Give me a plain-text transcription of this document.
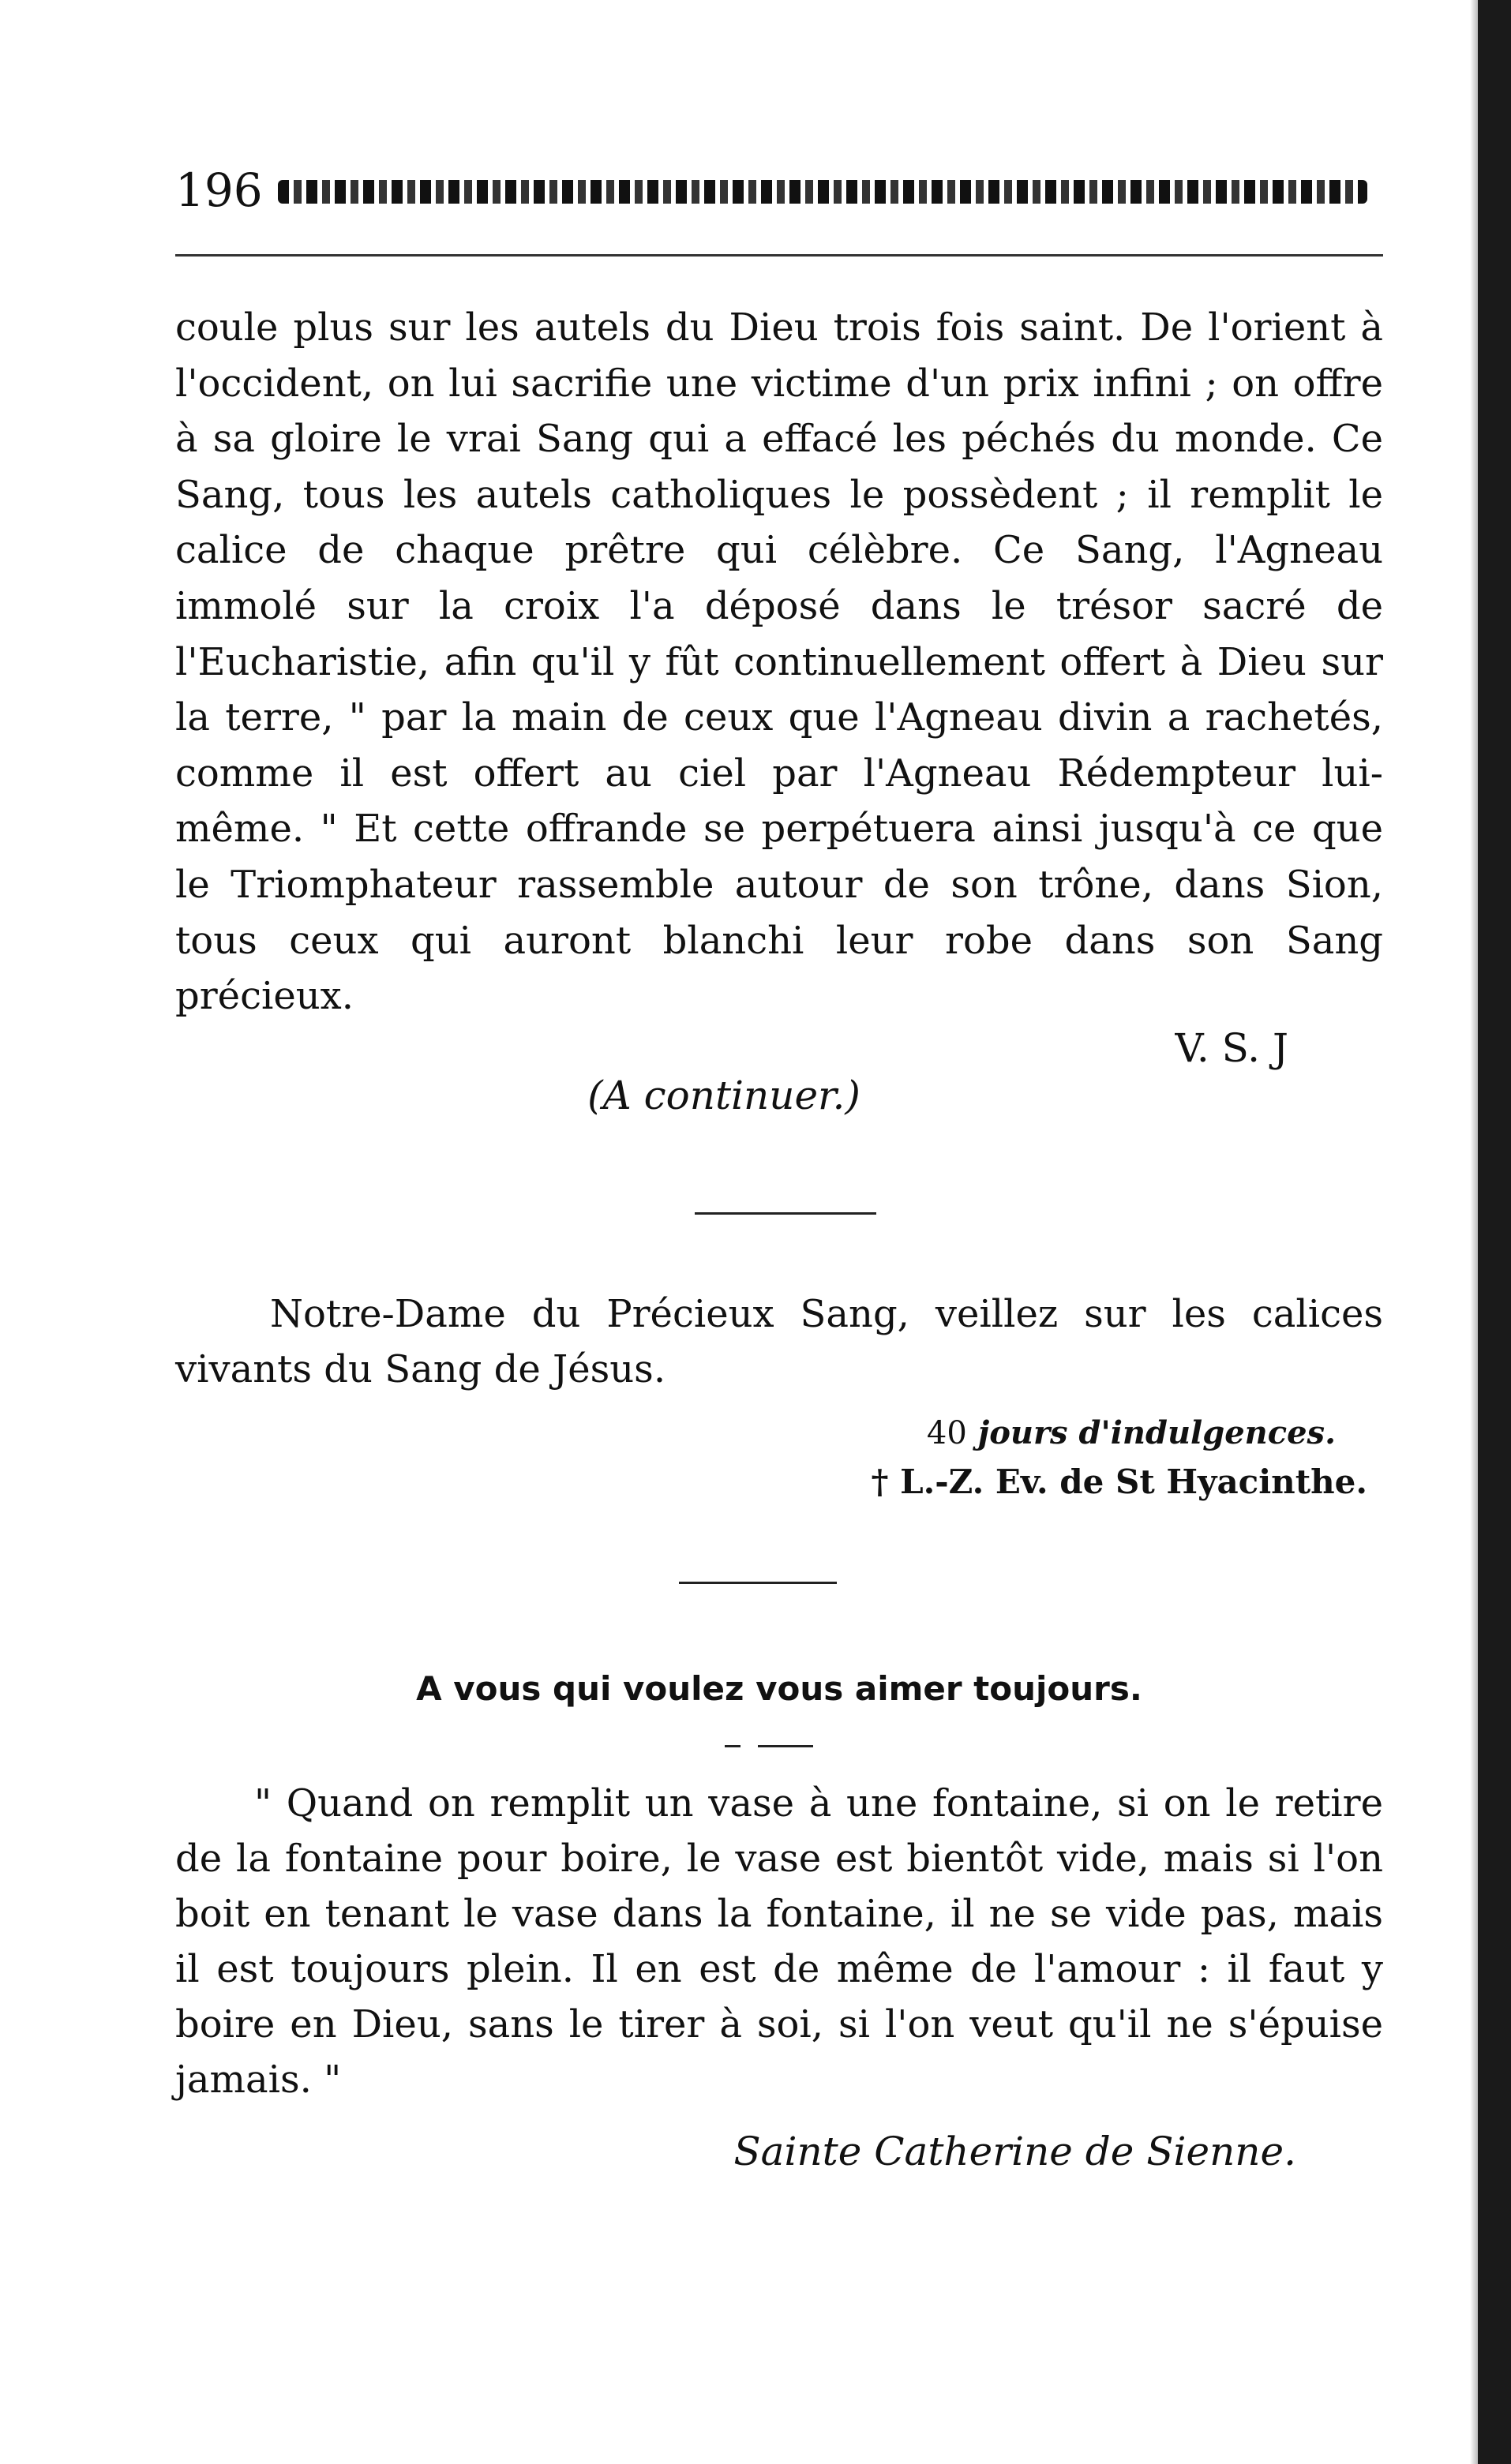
196

coule plus sur les autels du Dieu trois fois saint. De l'orient à l'occident, on lui sacrifie une victime d'un prix infini ; on offre à sa gloire le vrai Sang qui a effacé les péchés du monde. Ce Sang, tous les autels catholiques le possèdent ; il remplit le calice de chaque prêtre qui célèbre. Ce Sang, l'Agneau immolé sur la croix l'a déposé dans le trésor sacré de l'Eucharistie, afin qu'il y fût continuellement offert à Dieu sur la terre, " par la main de ceux que l'Agneau divin a rachetés, comme il est offert au ciel par l'Agneau Rédempteur lui-même. " Et cette offrande se perpétuera ainsi jusqu'à ce que le Triomphateur rassemble autour de son trône, dans Sion, tous ceux qui auront blanchi leur robe dans son Sang précieux.

V. S. J

(A continuer.)

Notre-Dame du Précieux Sang, veillez sur les calices vivants du Sang de Jésus.

40 jours d'indulgences.

† L.-Z. Ev. de St Hyacinthe.

A vous qui voulez vous aimer toujours.

" Quand on remplit un vase à une fontaine, si on le retire de la fontaine pour boire, le vase est bientôt vide, mais si l'on boit en tenant le vase dans la fontaine, il ne se vide pas, mais il est toujours plein. Il en est de même de l'amour : il faut y boire en Dieu, sans le tirer à soi, si l'on veut qu'il ne s'épuise jamais. "

Sainte Catherine de Sienne.
